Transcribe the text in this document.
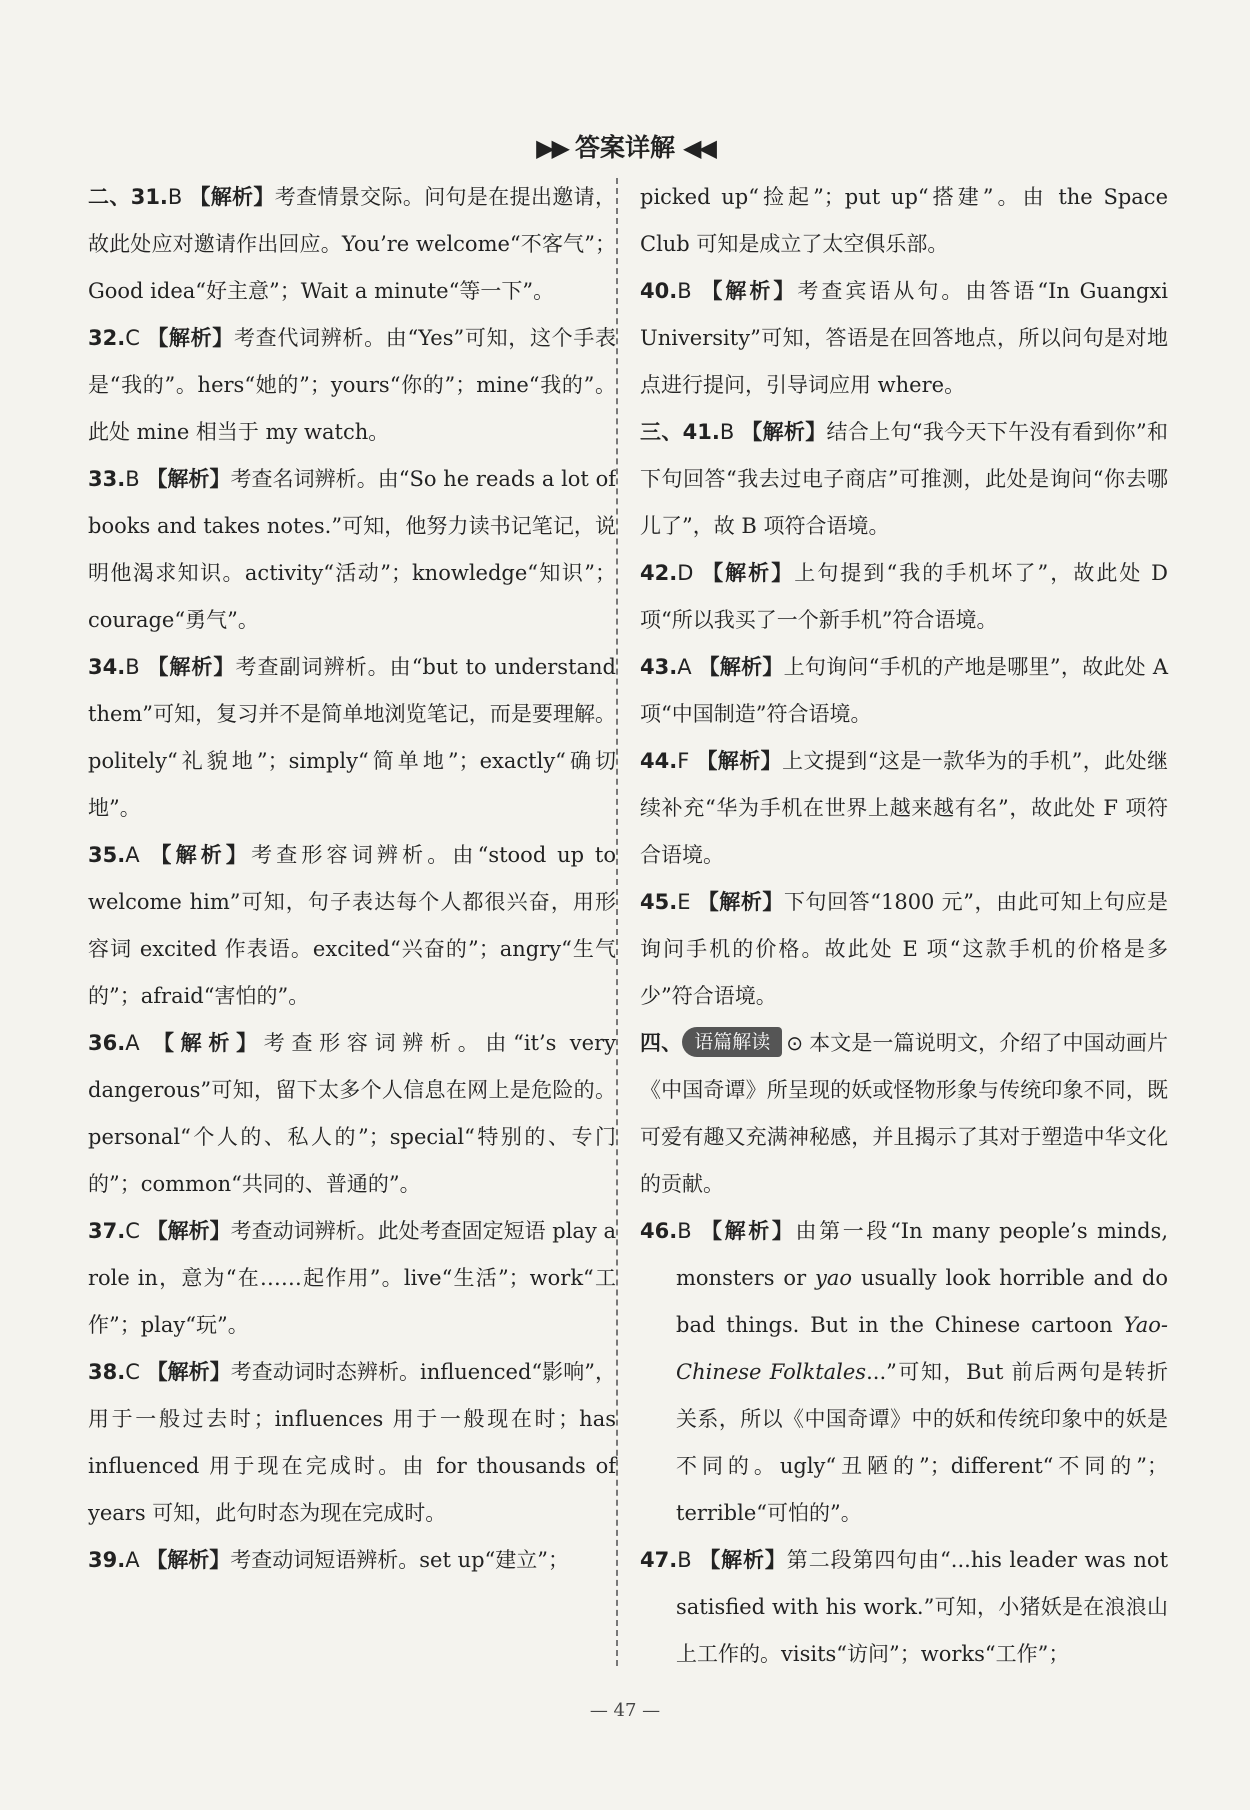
▶▶ 答案详解 ◀◀
二、31.B 【解析】考查情景交际。问句是在提出邀请，故此处应对邀请作出回应。You’re welcome“不客气”；Good idea“好主意”；Wait a minute“等一下”。
32.C 【解析】考查代词辨析。由“Yes”可知，这个手表是“我的”。hers“她的”；yours“你的”；mine“我的”。此处 mine 相当于 my watch。
33.B 【解析】考查名词辨析。由“So he reads a lot of books and takes notes.”可知，他努力读书记笔记，说明他渴求知识。activity“活动”；knowledge“知识”；courage“勇气”。
34.B 【解析】考查副词辨析。由“but to understand them”可知，复习并不是简单地浏览笔记，而是要理解。politely“礼貌地”；simply“简单地”；exactly“确切地”。
35.A 【解析】考查形容词辨析。由“stood up to welcome him”可知，句子表达每个人都很兴奋，用形容词 excited 作表语。excited“兴奋的”；angry“生气的”；afraid“害怕的”。
36.A 【解析】考查形容词辨析。由“it’s very dangerous”可知，留下太多个人信息在网上是危险的。personal“个人的、私人的”；special“特别的、专门的”；common“共同的、普通的”。
37.C 【解析】考查动词辨析。此处考查固定短语 play a role in，意为“在……起作用”。live“生活”；work“工作”；play“玩”。
38.C 【解析】考查动词时态辨析。influenced“影响”，用于一般过去时；influences 用于一般现在时；has influenced 用于现在完成时。由 for thousands of years 可知，此句时态为现在完成时。
39.A 【解析】考查动词短语辨析。set up“建立”；
picked up“捡起”；put up“搭建”。由 the Space Club 可知是成立了太空俱乐部。
40.B 【解析】考查宾语从句。由答语“In Guangxi University”可知，答语是在回答地点，所以问句是对地点进行提问，引导词应用 where。
三、41.B 【解析】结合上句“我今天下午没有看到你”和下句回答“我去过电子商店”可推测，此处是询问“你去哪儿了”，故 B 项符合语境。
42.D 【解析】上句提到“我的手机坏了”，故此处 D 项“所以我买了一个新手机”符合语境。
43.A 【解析】上句询问“手机的产地是哪里”，故此处 A 项“中国制造”符合语境。
44.F 【解析】上文提到“这是一款华为的手机”，此处继续补充“华为手机在世界上越来越有名”，故此处 F 项符合语境。
45.E 【解析】下句回答“1800 元”，由此可知上句应是询问手机的价格。故此处 E 项“这款手机的价格是多少”符合语境。
四、 语篇解读 ⊙ 本文是一篇说明文，介绍了中国动画片《中国奇谭》所呈现的妖或怪物形象与传统印象不同，既可爱有趣又充满神秘感，并且揭示了其对于塑造中华文化的贡献。
46.B 【解析】由第一段“In many people’s minds, monsters or yao usually look horrible and do bad things. But in the Chinese cartoon Yao-Chinese Folktales...”可知，But 前后两句是转折关系，所以《中国奇谭》中的妖和传统印象中的妖是不同的。ugly“丑陋的”；different“不同的”；terrible“可怕的”。
47.B 【解析】第二段第四句由“...his leader was not satisfied with his work.”可知，小猪妖是在浪浪山上工作的。visits“访问”；works“工作”；
— 47 —
